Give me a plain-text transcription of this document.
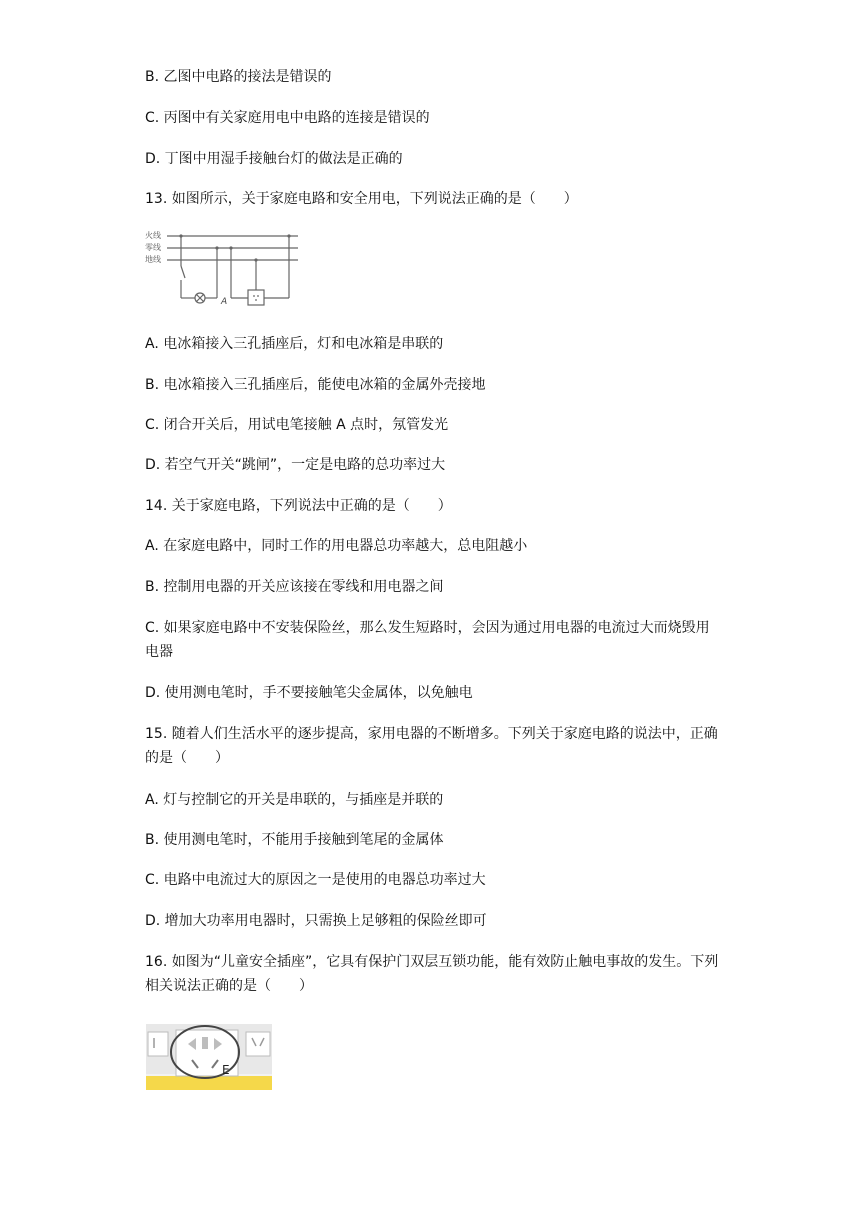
B. 乙图中电路的接法是错误的
C. 丙图中有关家庭用电中电路的连接是错误的
D. 丁图中用湿手接触台灯的做法是正确的
13. 如图所示，关于家庭电路和安全用电，下列说法正确的是（　　）
火线
零线
地线
A
A. 电冰箱接入三孔插座后，灯和电冰箱是串联的
B. 电冰箱接入三孔插座后，能使电冰箱的金属外壳接地
C. 闭合开关后，用试电笔接触 A 点时，氖管发光
D. 若空气开关“跳闸”，一定是电路的总功率过大
14. 关于家庭电路，下列说法中正确的是（　　）
A. 在家庭电路中，同时工作的用电器总功率越大，总电阻越小
B. 控制用电器的开关应该接在零线和用电器之间
C. 如果家庭电路中不安装保险丝，那么发生短路时，会因为通过用电器的电流过大而烧毁用电器
D. 使用测电笔时，手不要接触笔尖金属体，以免触电
15. 随着人们生活水平的逐步提高，家用电器的不断增多。下列关于家庭电路的说法中，正确的是（　　）
A. 灯与控制它的开关是串联的，与插座是并联的
B. 使用测电笔时，不能用手接触到笔尾的金属体
C. 电路中电流过大的原因之一是使用的电器总功率过大
D. 增加大功率用电器时，只需换上足够粗的保险丝即可
16. 如图为“儿童安全插座”，它具有保护门双层互锁功能，能有效防止触电事故的发生。下列相关说法正确的是（　　）
E
